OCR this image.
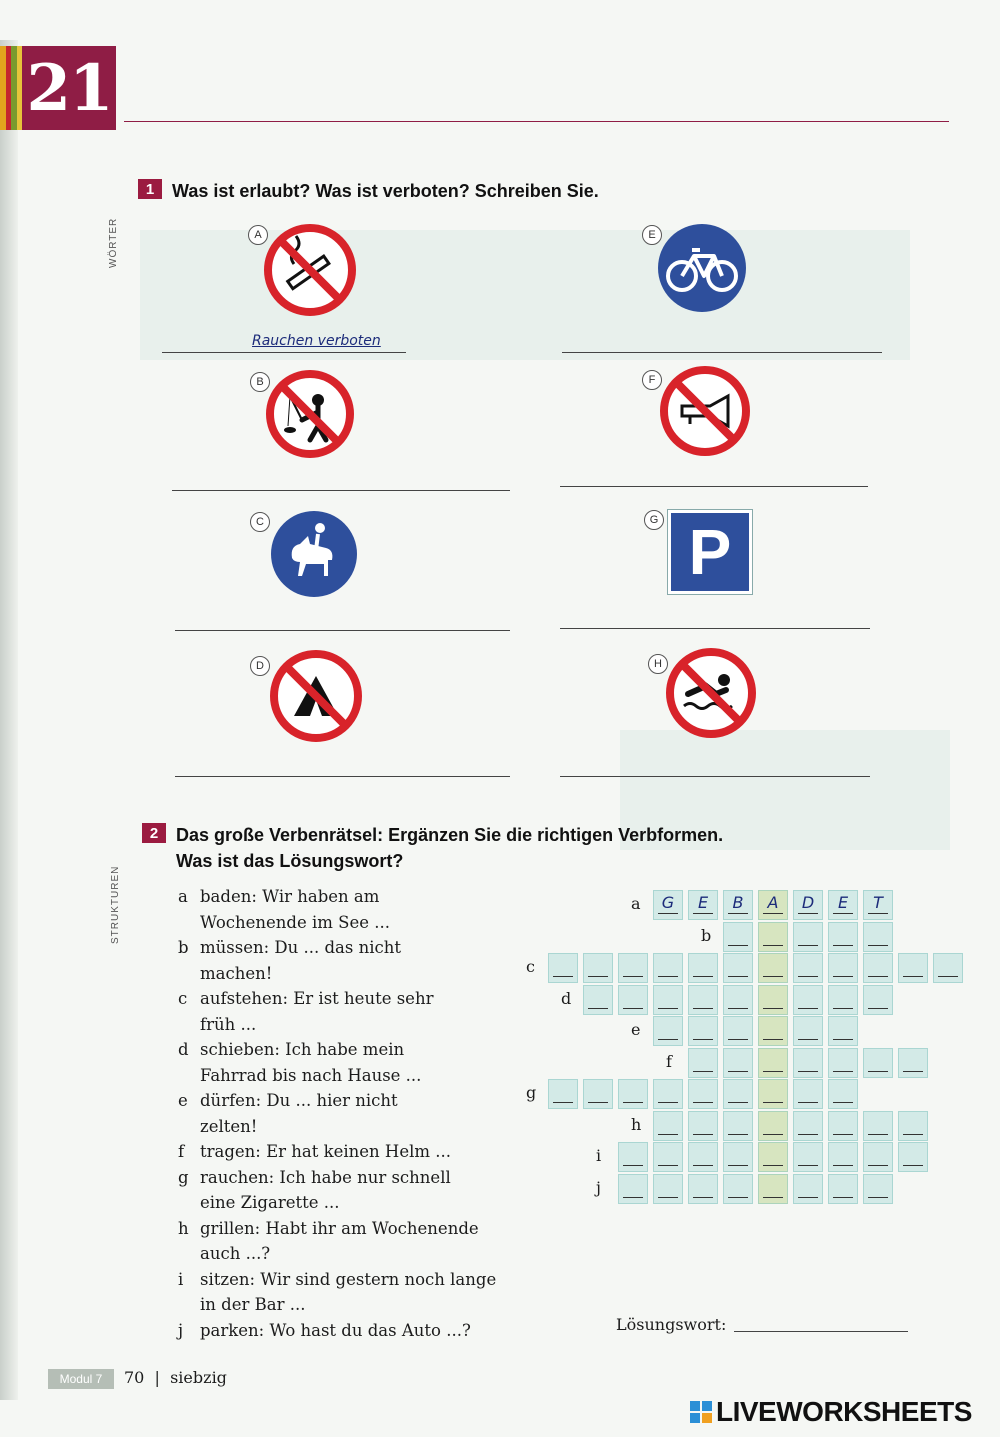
21
WÖRTER
STRUKTUREN
1 Was ist erlaubt? Was ist verboten? Schreiben Sie.
A
Rauchen verboten
E
B	F
C	G P
D	H
2 Das große Verbenrätsel: Ergänzen Sie die richtigen Verbformen.
Was ist das Lösungswort?
a baden: Wir haben am
Wochenende im See ...
b müssen: Du ... das nicht
machen!
c aufstehen: Er ist heute sehr
früh ...
d schieben: Ich habe mein
Fahrrad bis nach Hause ...
e dürfen: Du ... hier nicht
zelten!
f tragen: Er hat keinen Helm ...
g rauchen: Ich habe nur schnell
eine Zigarette ...
h grillen: Habt ihr am Wochenende
auch ...?
i	sitzen: Wir sind gestern noch lange
in der Bar ...
j	parken: Wo hast du das Auto ...?
a	G	E	B	A	D	E	T
b
c
d
e
f
g
h
i
j
Lösungswort:
Modul 7	70  |  siebzig
LIVEWORKSHEETS
